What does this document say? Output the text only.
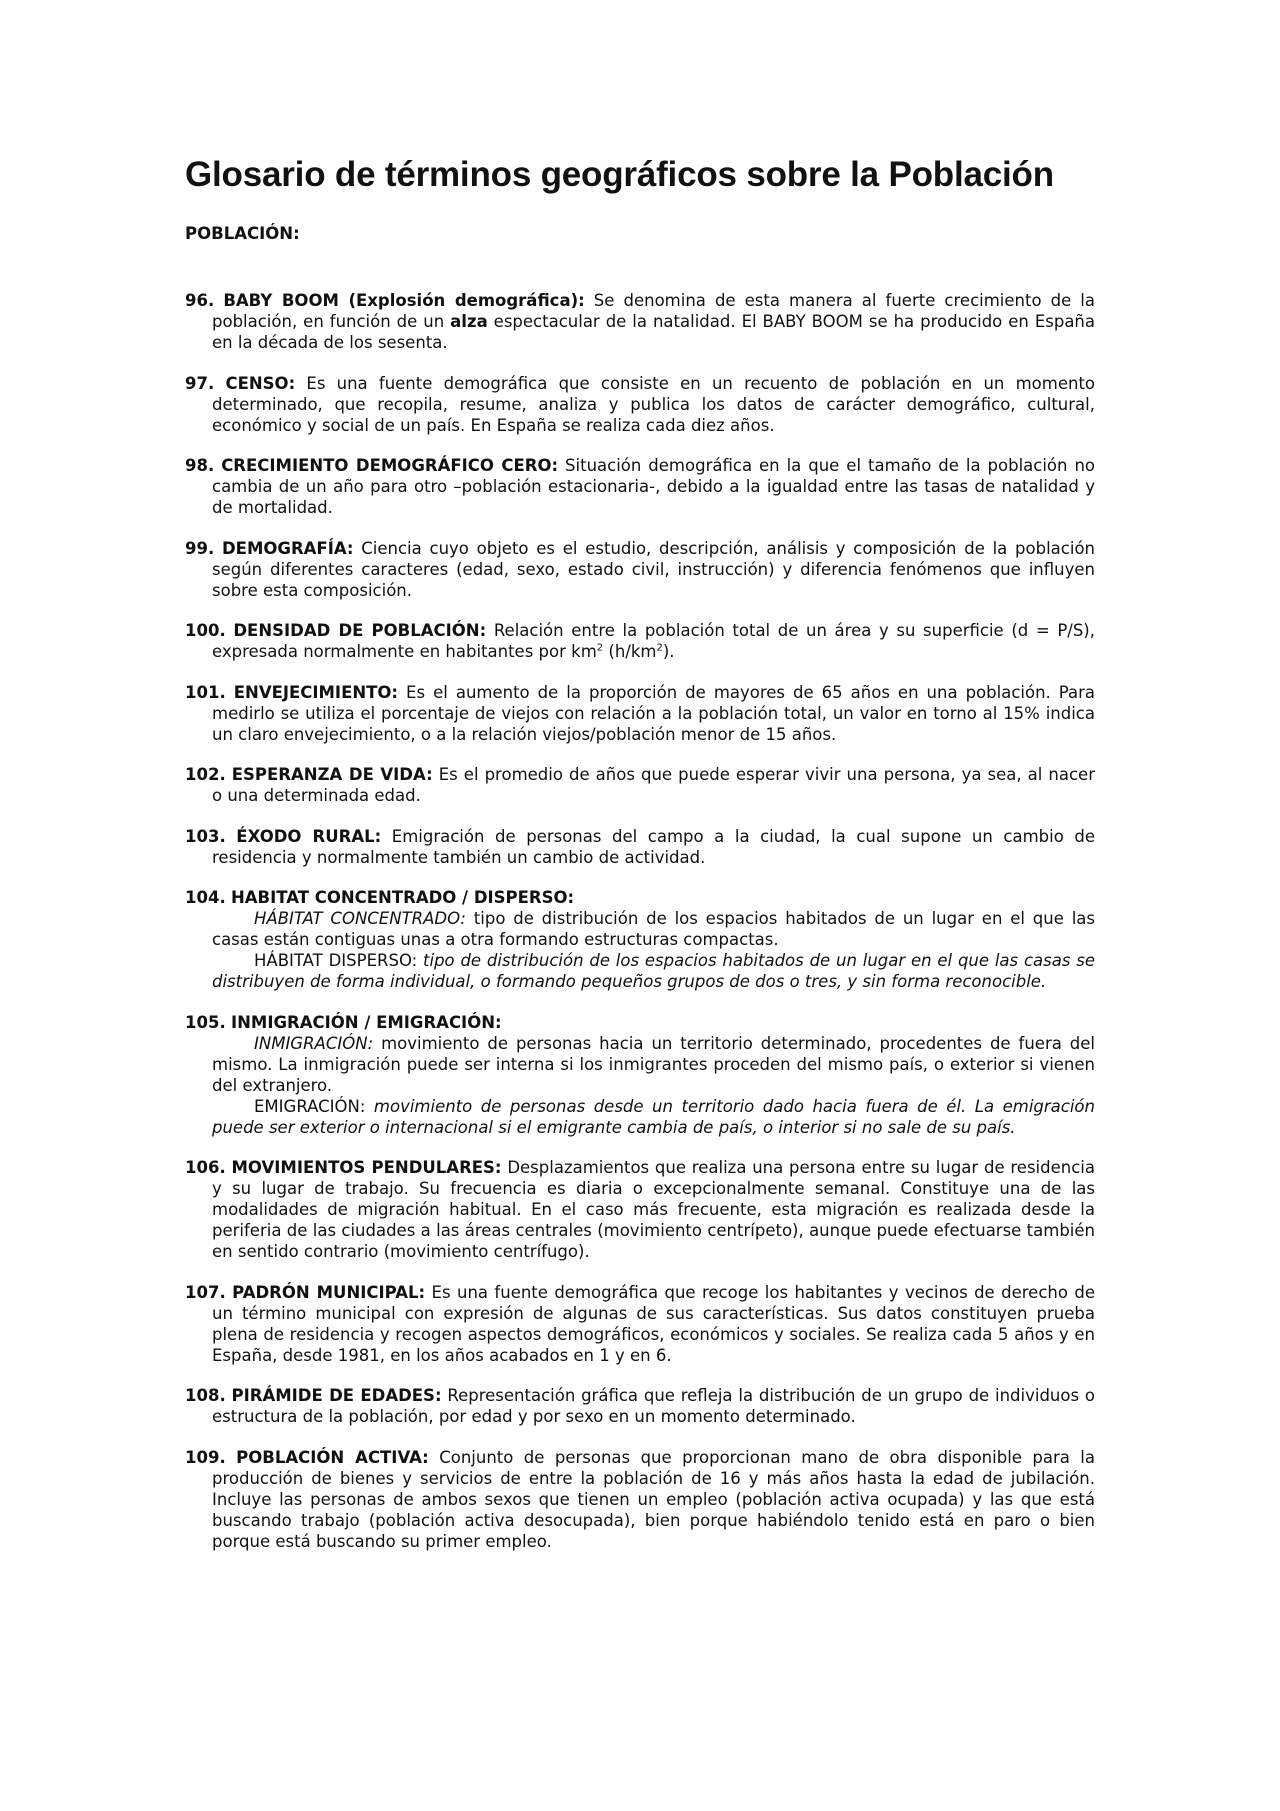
Glosario de términos geográficos sobre la Población
POBLACIÓN:

96. BABY BOOM (Explosión demográfica): Se denomina de esta manera al fuerte crecimiento de la población, en función de un alza espectacular de la natalidad. El BABY BOOM se ha producido en España en la década de los sesenta.

97. CENSO: Es una fuente demográfica que consiste en un recuento de población en un momento determinado, que recopila, resume, analiza y publica los datos de carácter demográfico, cultural, económico y social de un país. En España se realiza cada diez años.

98. CRECIMIENTO DEMOGRÁFICO CERO: Situación demográfica en la que el tamaño de la población no cambia de un año para otro –población estacionaria-, debido a la igualdad entre las tasas de natalidad y de mortalidad.

99. DEMOGRAFÍA: Ciencia cuyo objeto es el estudio, descripción, análisis y composición de la población según diferentes caracteres (edad, sexo, estado civil, instrucción) y diferencia fenómenos que influyen sobre esta composición.

100. DENSIDAD DE POBLACIÓN: Relación entre la población total de un área y su superficie (d = P/S), expresada normalmente en habitantes por $km^2$ $(h/km^2)$.

101. ENVEJECIMIENTO: Es el aumento de la proporción de mayores de 65 años en una población. Para medirlo se utiliza el porcentaje de viejos con relación a la población total, un valor en torno al 15% indica un claro envejecimiento, o a la relación viejos/población menor de 15 años.

102. ESPERANZA DE VIDA: Es el promedio de años que puede esperar vivir una persona, ya sea, al nacer o una determinada edad.

103. ÉXODO RURAL: Emigración de personas del campo a la ciudad, la cual supone un cambio de residencia y normalmente también un cambio de actividad.

104. HABITAT CONCENTRADO / DISPERSO:
HÁBITAT CONCENTRADO: tipo de distribución de los espacios habitados de un lugar en el que las casas están contiguas unas a otra formando estructuras compactas.
HÁBITAT DISPERSO: tipo de distribución de los espacios habitados de un lugar en el que las casas se distribuyen de forma individual, o formando pequeños grupos de dos o tres, y sin forma reconocible.

105. INMIGRACIÓN / EMIGRACIÓN:
INMIGRACIÓN: movimiento de personas hacia un territorio determinado, procedentes de fuera del mismo. La inmigración puede ser interna si los inmigrantes proceden del mismo país, o exterior si vienen del extranjero.
EMIGRACIÓN: movimiento de personas desde un territorio dado hacia fuera de él. La emigración puede ser exterior o internacional si el emigrante cambia de país, o interior si no sale de su país.

106. MOVIMIENTOS PENDULARES: Desplazamientos que realiza una persona entre su lugar de residencia y su lugar de trabajo. Su frecuencia es diaria o excepcionalmente semanal. Constituye una de las modalidades de migración habitual. En el caso más frecuente, esta migración es realizada desde la periferia de las ciudades a las áreas centrales (movimiento centrípeto), aunque puede efectuarse también en sentido contrario (movimiento centrífugo).

107. PADRÓN MUNICIPAL: Es una fuente demográfica que recoge los habitantes y vecinos de derecho de un término municipal con expresión de algunas de sus características. Sus datos constituyen prueba plena de residencia y recogen aspectos demográficos, económicos y sociales. Se realiza cada 5 años y en España, desde 1981, en los años acabados en 1 y en 6.

108. PIRÁMIDE DE EDADES: Representación gráfica que refleja la distribución de un grupo de individuos o estructura de la población, por edad y por sexo en un momento determinado.

109. POBLACIÓN ACTIVA: Conjunto de personas que proporcionan mano de obra disponible para la producción de bienes y servicios de entre la población de 16 y más años hasta la edad de jubilación. Incluye las personas de ambos sexos que tienen un empleo (población activa ocupada) y las que está buscando trabajo (población activa desocupada), bien porque habiéndolo tenido está en paro o bien porque está buscando su primer empleo.
